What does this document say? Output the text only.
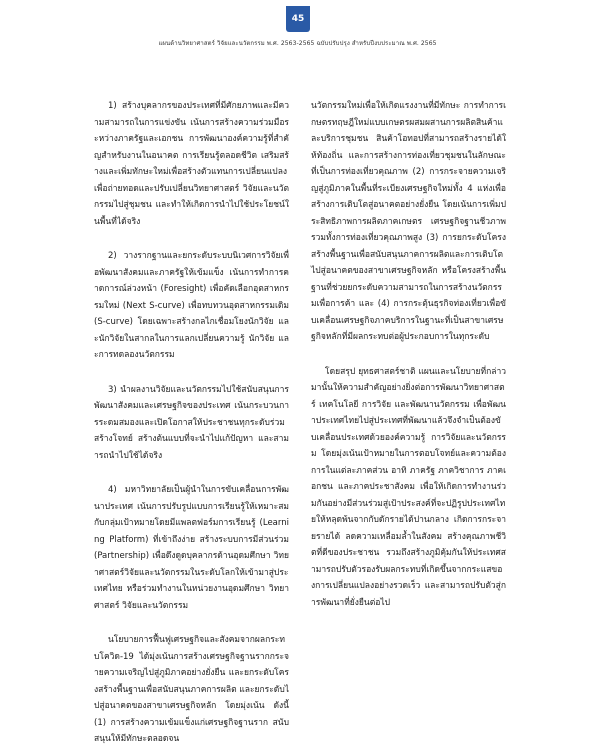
45
แผนด้านวิทยาศาสตร์ วิจัยและนวัตกรรม พ.ศ. 2563-2565 ฉบับปรับปรุง สำหรับปีงบประมาณ พ.ศ. 2565

1) สร้างบุคลากรของประเทศที่มีศักยภาพและมีความสามารถในการแข่งขัน เน้นการสร้างความร่วมมือระหว่างภาครัฐและเอกชน การพัฒนาองค์ความรู้ที่สำคัญสำหรับงานในอนาคต การเรียนรู้ตลอดชีวิต เสริมสร้างและเพิ่มทักษะใหม่เพื่อสร้างตัวแทนการเปลี่ยนแปลงเพื่อถ่ายทอดและปรับเปลี่ยนวิทยาศาสตร์ วิจัยและนวัตกรรมไปสู่ชุมชน และทำให้เกิดการนำไปใช้ประโยชน์ในพื้นที่ได้จริง

2) วางรากฐานและยกระดับระบบนิเวศการวิจัยเพื่อพัฒนาสังคมและภาครัฐให้เข้มแข็ง เน้นการทำการคาดการณ์ล่วงหน้า (Foresight) เพื่อคัดเลือกอุตสาหกรรมใหม่ (Next S-curve) เพื่อทบทวนอุตสาหกรรมเดิม (S-curve) โดยเฉพาะสร้างกลไกเชื่อมโยงนักวิจัย และนักวิจัยในสากลในการแลกเปลี่ยนความรู้ นักวิจัย และการทดลองนวัตกรรม

3) นำผลงานวิจัยและนวัตกรรมไปใช้สนับสนุนการพัฒนาสังคมและเศรษฐกิจของประเทศ เน้นกระบวนการระดมสมองและเปิดโอกาสให้ประชาชนทุกระดับร่วมสร้างโจทย์ สร้างต้นแบบที่จะนำไปแก้ปัญหา และสามารถนำไปใช้ได้จริง

4) มหาวิทยาลัยเป็นผู้นำในการขับเคลื่อนการพัฒนาประเทศ เน้นการปรับรูปแบบการเรียนรู้ให้เหมาะสมกับกลุ่มเป้าหมายโดยมีแพลตฟอร์มการเรียนรู้ (Learning Platform) ที่เข้าถึงง่าย สร้างระบบการมีส่วนร่วม (Partnership) เพื่อดึงดูดบุคลากรด้านอุดมศึกษา วิทยาศาสตร์วิจัยและนวัตกรรมในระดับโลกให้เข้ามาสู่ประเทศไทย หรือร่วมทำงานในหน่วยงานอุดมศึกษา วิทยาศาสตร์ วิจัยและนวัตกรรม

นโยบายการฟื้นฟูเศรษฐกิจและสังคมจากผลกระทบโควิด-19 ได้มุ่งเน้นการสร้างเศรษฐกิจฐานรากกระจายความเจริญไปสู่ภูมิภาคอย่างยั่งยืน และยกระดับโครงสร้างพื้นฐานเพื่อสนับสนุนภาคการผลิต และยกระดับไปสู่อนาคตของสาขาเศรษฐกิจหลัก โดยมุ่งเน้น ดังนี้ (1) การสร้างความเข้มแข็งแก่เศรษฐกิจฐานราก สนับสนุนให้มีทักษะตลอดจน

นวัตกรรมใหม่เพื่อให้เกิดแรงงานที่มีทักษะ การทำการเกษตรทฤษฎีใหม่แบบเกษตรผสมผสานการผลิตสินค้าและบริการชุมชน สินค้าโอทอปที่สามารถสร้างรายได้ให้ท้องถิ่น และการสร้างการท่องเที่ยวชุมชนในลักษณะที่เป็นการท่องเที่ยวคุณภาพ (2) การกระจายความเจริญสู่ภูมิภาคในพื้นที่ระเบียงเศรษฐกิจใหม่ทั้ง 4 แห่งเพื่อสร้างการเติบโตสู่อนาคตอย่างยั่งยืน โดยเน้นการเพิ่มประสิทธิภาพการผลิตภาคเกษตร เศรษฐกิจฐานชีวภาพ รวมทั้งการท่องเที่ยวคุณภาพสูง (3) การยกระดับโครงสร้างพื้นฐานเพื่อสนับสนุนภาคการผลิตและการเติบโตไปสู่อนาคตของสาขาเศรษฐกิจหลัก หรือโครงสร้างพื้นฐานที่ช่วยยกระดับความสามารถในการสร้างนวัตกรรมเพื่อการค้า และ (4) การกระตุ้นธุรกิจท่องเที่ยวเพื่อขับเคลื่อนเศรษฐกิจภาคบริการในฐานะที่เป็นสาขาเศรษฐกิจหลักที่มีผลกระทบต่อผู้ประกอบการในทุกระดับ

โดยสรุป ยุทธศาสตร์ชาติ แผนและนโยบายที่กล่าวมานั้นให้ความสำคัญอย่างยิ่งต่อการพัฒนาวิทยาศาสตร์ เทคโนโลยี การวิจัย และพัฒนานวัตกรรม เพื่อพัฒนาประเทศไทยไปสู่ประเทศที่พัฒนาแล้วจึงจำเป็นต้องขับเคลื่อนประเทศด้วยองค์ความรู้ การวิจัยและนวัตกรรม โดยมุ่งเน้นเป้าหมายในการตอบโจทย์และความต้องการในแต่ละภาคส่วน อาทิ ภาครัฐ ภาควิชาการ ภาคเอกชน และภาคประชาสังคม เพื่อให้เกิดการทำงานร่วมกันอย่างมีส่วนร่วมสู่เป้าประสงค์ที่จะปฏิรูปประเทศไทยให้หลุดพ้นจากกับดักรายได้ปานกลาง เกิดการกระจายรายได้ ลดความเหลื่อมล้ำในสังคม สร้างคุณภาพชีวิตที่ดีของประชาชน รวมถึงสร้างภูมิคุ้มกันให้ประเทศสามารถปรับตัวรองรับผลกระทบที่เกิดขึ้นจากกระแสของการเปลี่ยนแปลงอย่างรวดเร็ว และสามารถปรับตัวสู่การพัฒนาที่ยั่งยืนต่อไป
